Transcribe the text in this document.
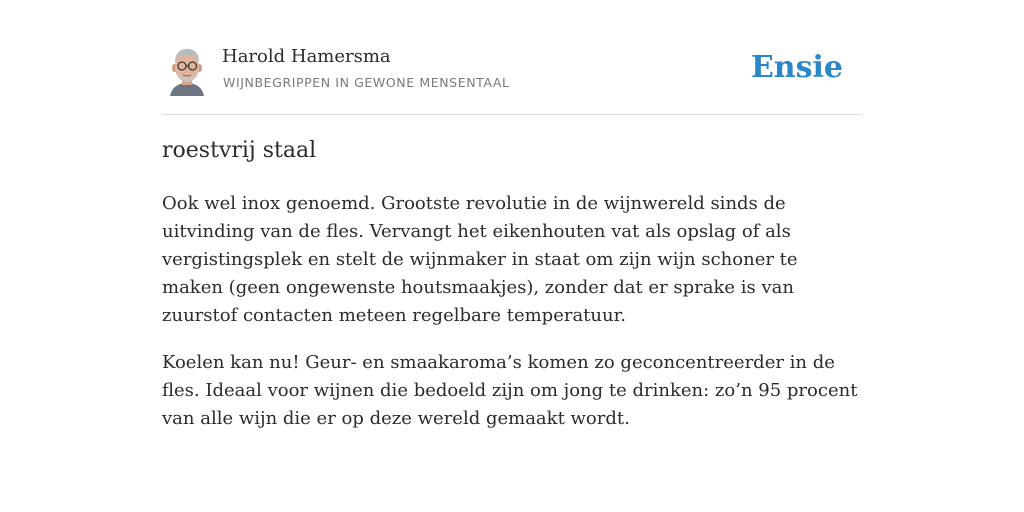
Harold Hamersma
WIJNBEGRIPPEN IN GEWONE MENSENTAAL	Ensie
roestvrij staal

Ook wel inox genoemd. Grootste revolutie in de wijnwereld sinds de uitvinding van de fles. Vervangt het eikenhouten vat als opslag of als vergistingsplek en stelt de wijnmaker in staat om zijn wijn schoner te maken (geen ongewenste houtsmaakjes), zonder dat er sprake is van zuurstof contacten meteen regelbare temperatuur.

Koelen kan nu! Geur- en smaakaroma’s komen zo geconcentreerder in de fles. Ideaal voor wijnen die bedoeld zijn om jong te drinken: zo’n 95 procent van alle wijn die er op deze wereld gemaakt wordt.
